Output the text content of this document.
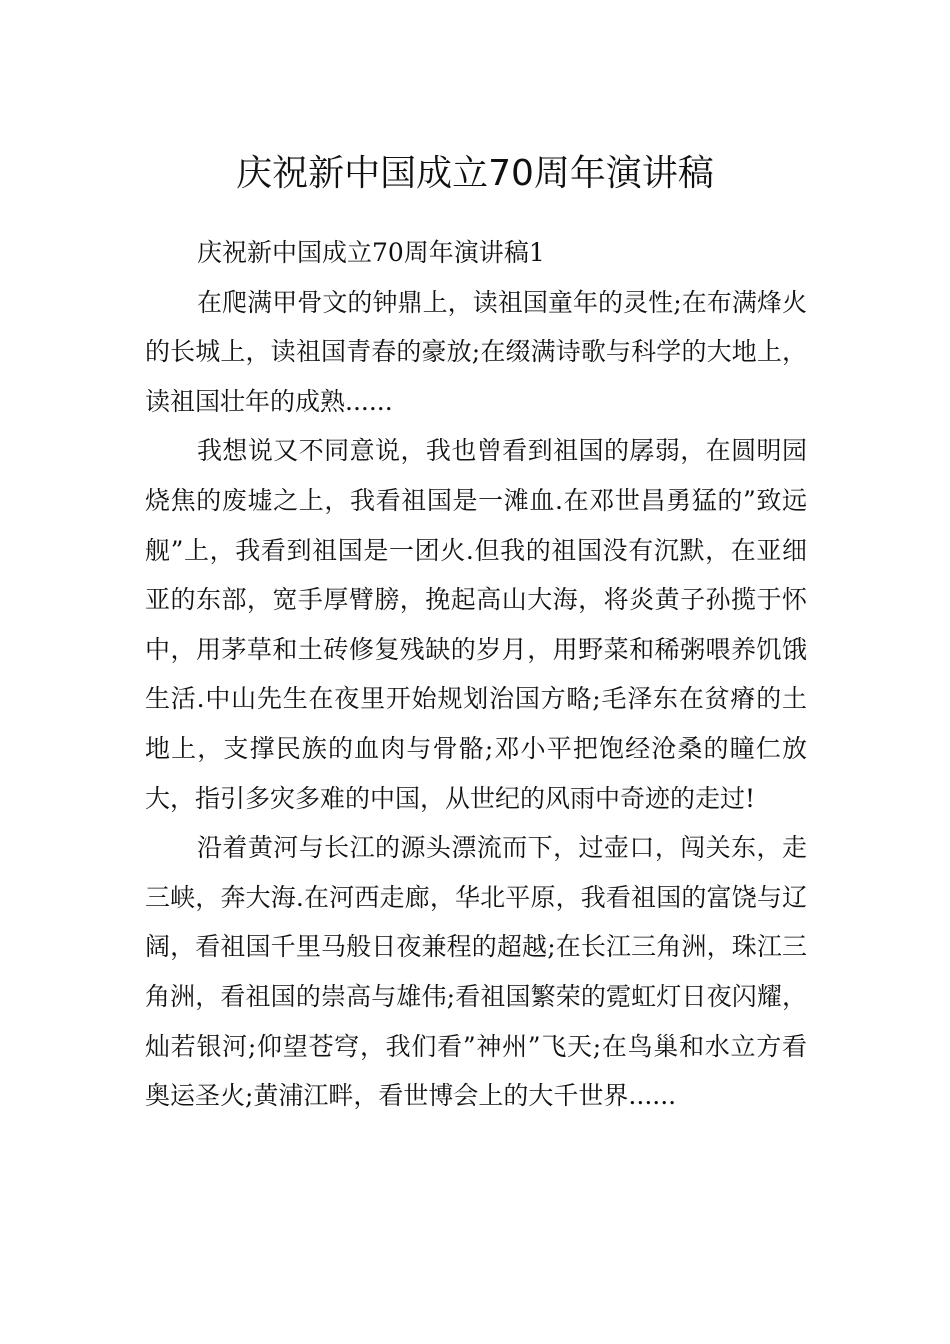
庆祝新中国成立70周年演讲稿

庆祝新中国成立70周年演讲稿1

在爬满甲骨文的钟鼎上，读祖国童年的灵性;在布满烽火的长城上，读祖国青春的豪放;在缀满诗歌与科学的大地上，读祖国壮年的成熟......

我想说又不同意说，我也曾看到祖国的孱弱，在圆明园烧焦的废墟之上，我看祖国是一滩血.在邓世昌勇猛的”致远舰”上，我看到祖国是一团火.但我的祖国没有沉默，在亚细亚的东部，宽手厚臂膀，挽起高山大海，将炎黄子孙揽于怀中，用茅草和土砖修复残缺的岁月，用野菜和稀粥喂养饥饿生活.中山先生在夜里开始规划治国方略;毛泽东在贫瘠的土地上，支撑民族的血肉与骨骼;邓小平把饱经沧桑的瞳仁放大，指引多灾多难的中国，从世纪的风雨中奇迹的走过!

沿着黄河与长江的源头漂流而下，过壶口，闯关东，走三峡，奔大海.在河西走廊，华北平原，我看祖国的富饶与辽阔，看祖国千里马般日夜兼程的超越;在长江三角洲，珠江三角洲，看祖国的崇高与雄伟;看祖国繁荣的霓虹灯日夜闪耀，灿若银河;仰望苍穹，我们看”神州”飞天;在鸟巢和水立方看奥运圣火;黄浦江畔，看世博会上的大千世界......
